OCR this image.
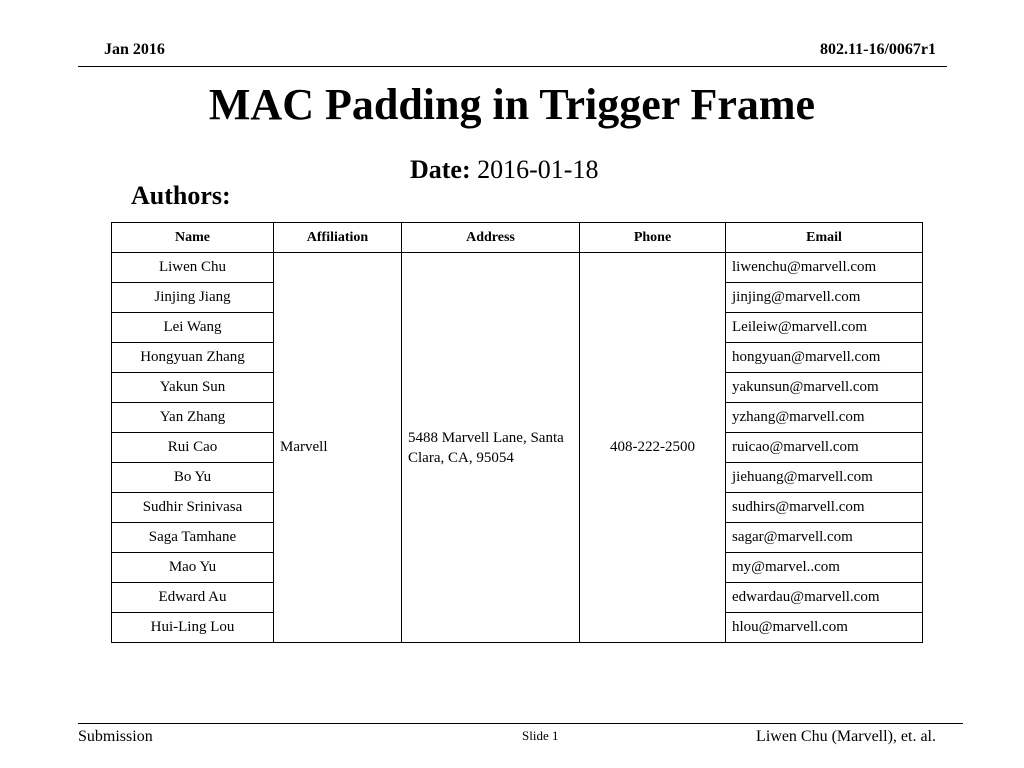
Jan 2016	802.11-16/0067r1
MAC Padding in Trigger Frame
Date: 2016-01-18
Authors:
Name	Affiliation	Address	Phone	Email
Liwen Chu	Marvell	5488 Marvell Lane, Santa Clara, CA, 95054	408-222-2500	liwenchu@marvell.com
Jinjing Jiang				jinjing@marvell.com
Lei Wang				Leileiw@marvell.com
Hongyuan Zhang				hongyuan@marvell.com
Yakun Sun				yakunsun@marvell.com
Yan Zhang				yzhang@marvell.com
Rui Cao				ruicao@marvell.com
Bo Yu				jiehuang@marvell.com
Sudhir Srinivasa				sudhirs@marvell.com
Saga Tamhane				sagar@marvell.com
Mao Yu				my@marvel..com
Edward Au				edwardau@marvell.com
Hui-Ling Lou				hlou@marvell.com
Submission	Slide 1	Liwen Chu (Marvell), et. al.
